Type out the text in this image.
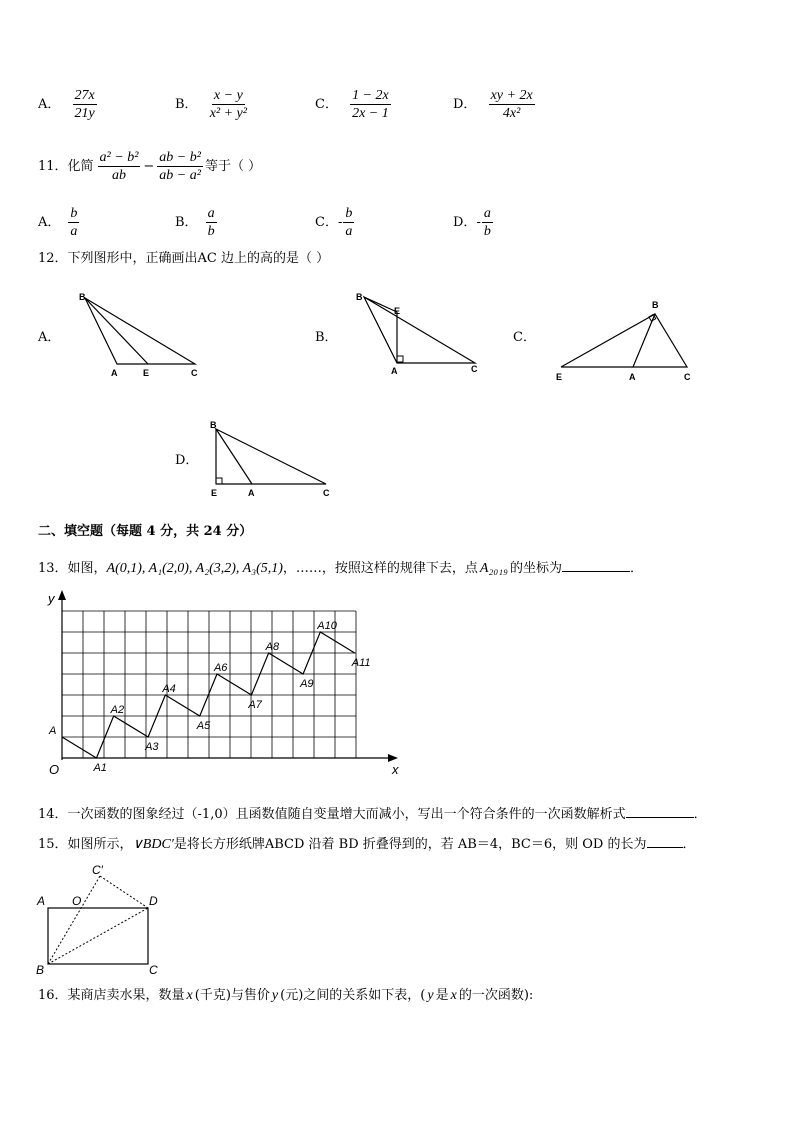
A． $\frac{27x}{21y}$	B． $\frac{x - y}{\text{x² + y²}}$	C． $\frac{1 - 2x}{2x - 1}$	D． $\frac{xy + 2x}{\text{4x²}}$
11．化简 $\frac{\text{a² − b²}}{ab} - \frac{\text{ab − b²}}{\text{ab − a²}}$ 等于（ ）
A． $\frac{b}{a}$	B． $\frac{a}{b}$	C． - $\frac{b}{a}$	D． - $\frac{a}{b}$
12．下列图形中，正确画出AC 边上的高的是（ ）
A．
B
A	E	C
B．
B
E
A	C
C．
B
E	A	C
D．
B
E	A	C
二、填空题（每题 4 分，共 24 分）
13．如图， A(0,1), A₁(2,0), A₂(3,2), A₃(5,1) ，……，按照这样的规律下去，点 A₂₀₁₉ 的坐标为	．
y
x
O
A
A1
A2
A3
A4
A5
A6
A7
A8
A9
A10
A11
14．一次函数的图象经过（-1,0）且函数值随自变量增大而减小，写出一个符合条件的一次函数解析式	．
15．如图所示， ∨BDC′ 是将长方形纸牌ABCD 沿着 BD 折叠得到的，若 AB＝4，BC＝6，则 OD 的长为	．
C′
A O	D
B	C
16．某商店卖水果，数量 x (千克)与售价 y (元)之间的关系如下表，( y 是 x 的一次函数):
